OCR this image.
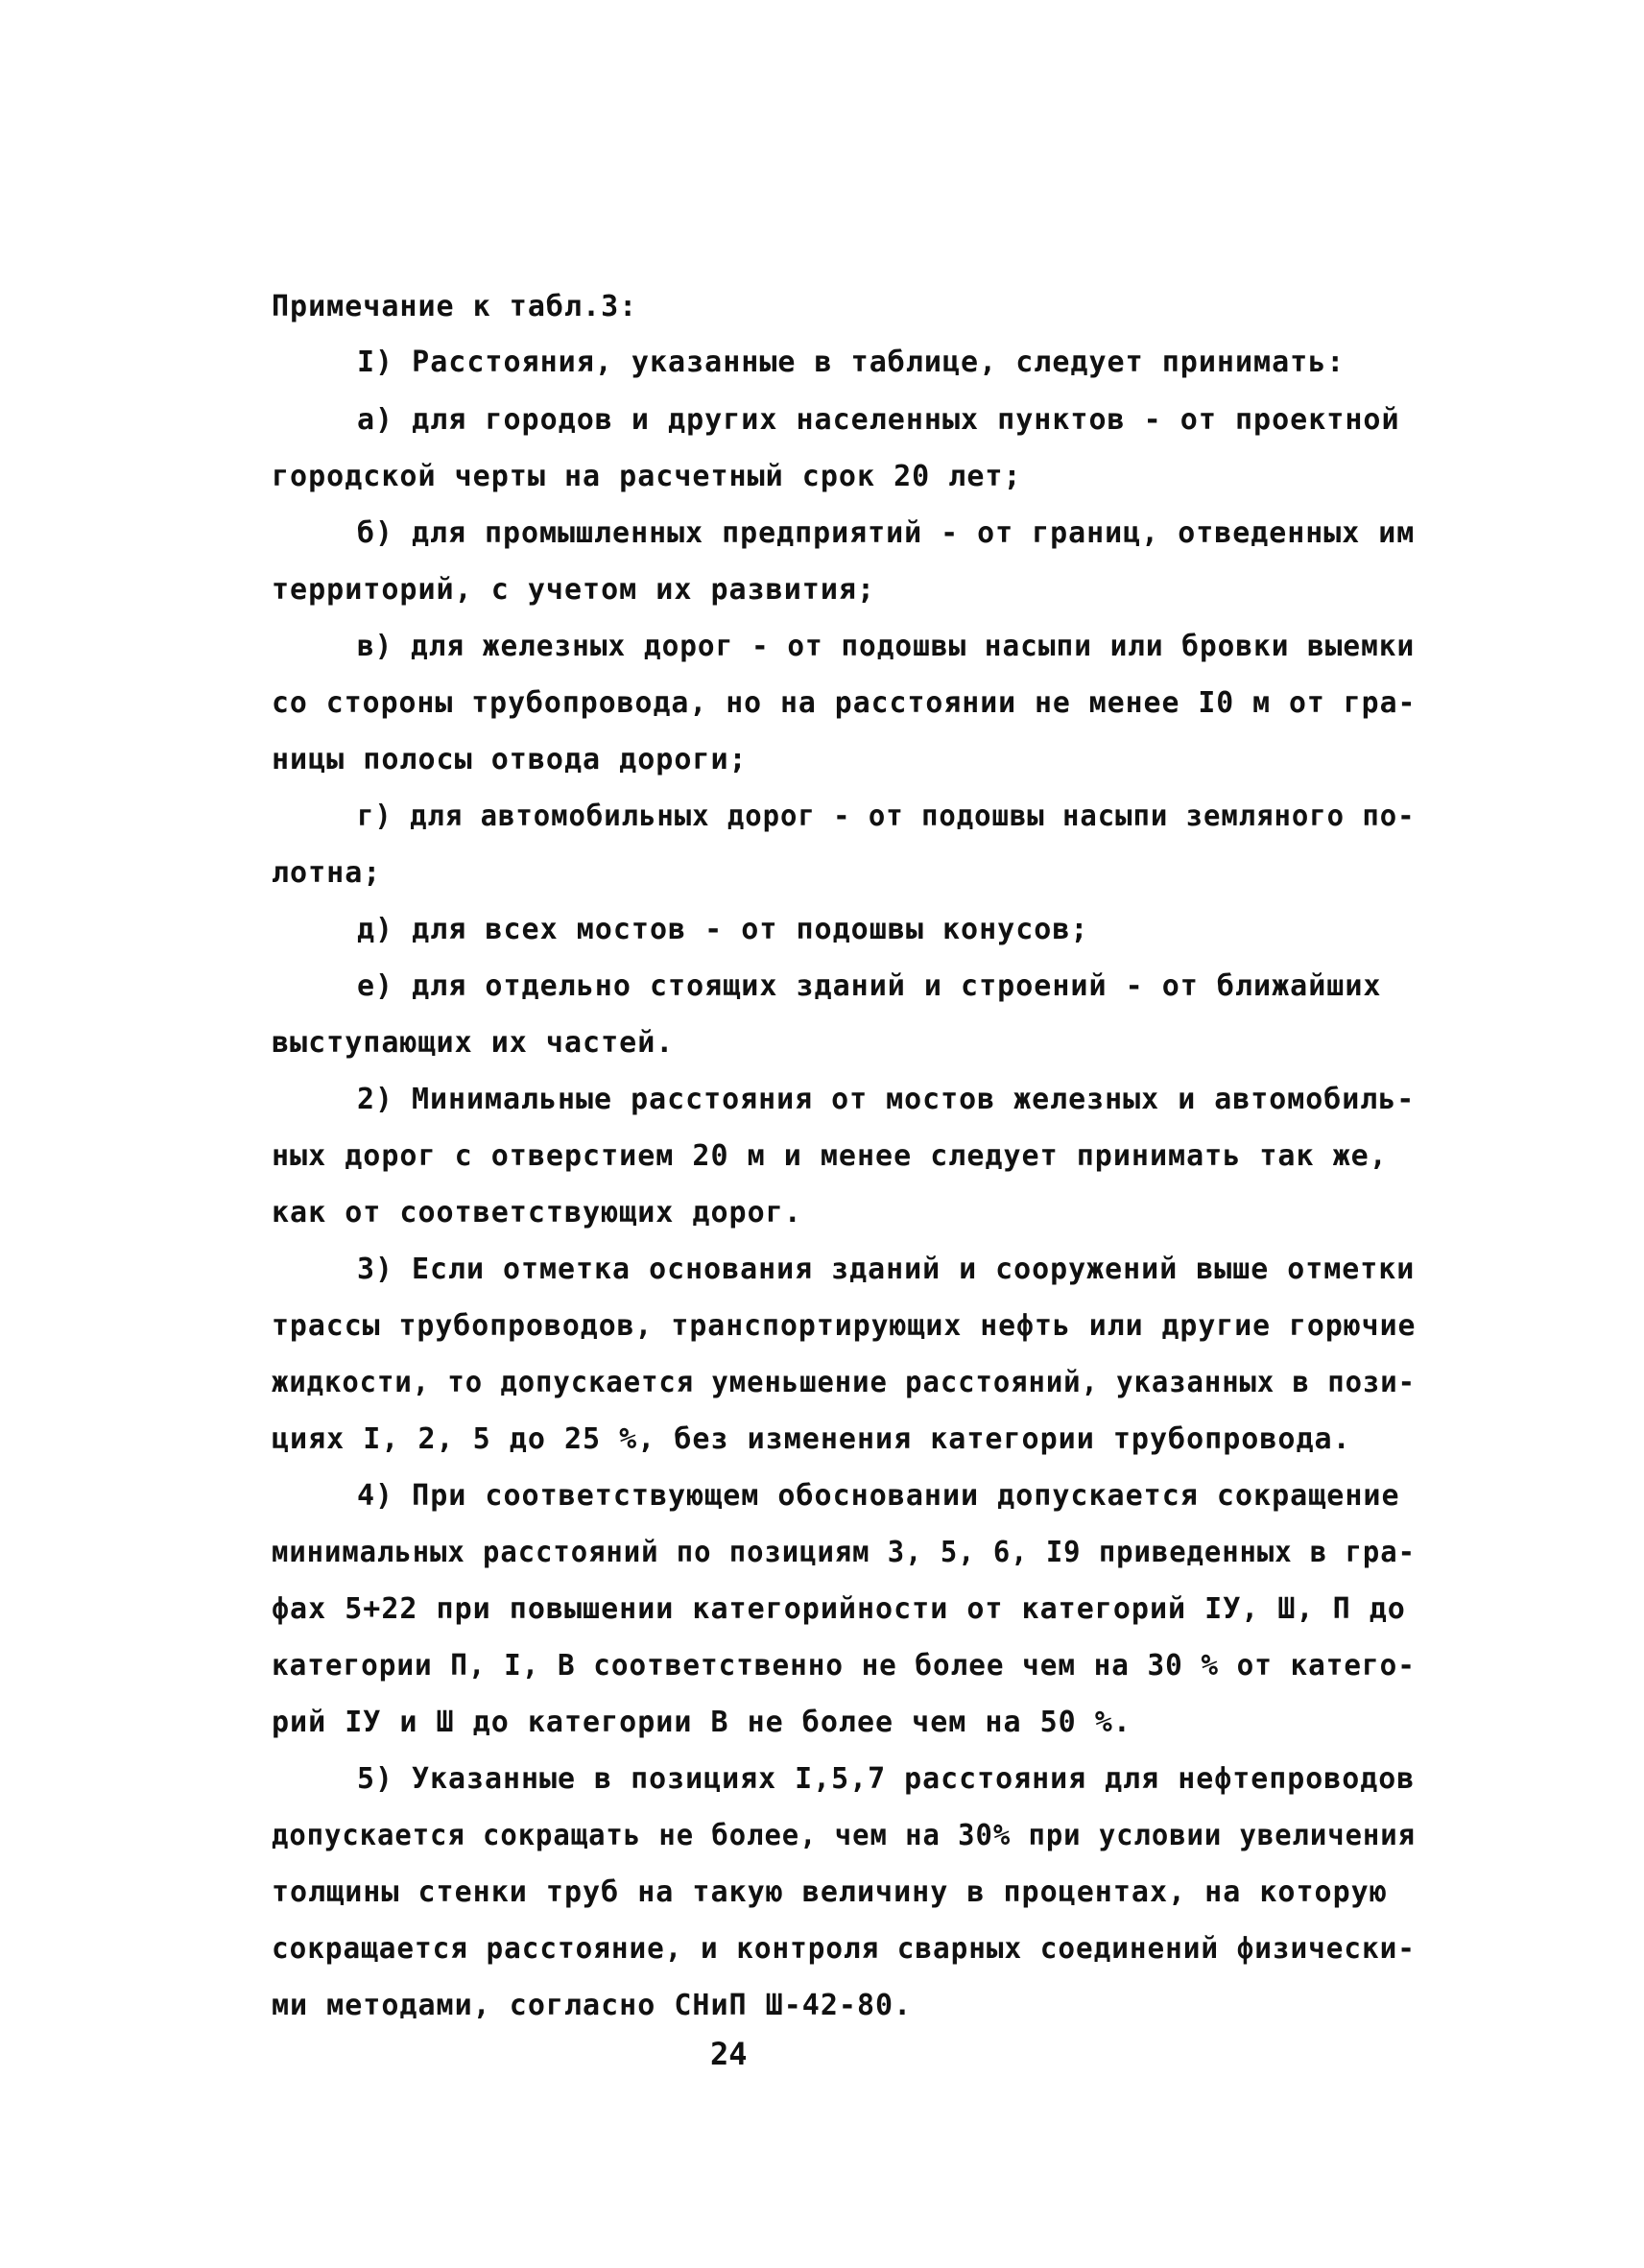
Примечание к табл.3:
I) Расстояния, указанные в таблице, следует принимать:
а) для городов и других населенных пунктов - от проектной
городской черты на расчетный срок 20 лет;
б) для промышленных предприятий - от границ, отведенных им
территорий, с учетом их развития;
в) для железных дорог - от подошвы насыпи или бровки выемки
со стороны трубопровода, но на расстоянии не менее I0 м от гра-
ницы полосы отвода дороги;
г) для автомобильных дорог - от подошвы насыпи земляного по-
лотна;
д) для всех мостов - от подошвы конусов;
е) для отдельно стоящих зданий и строений - от ближайших
выступающих их частей.
2) Минимальные расстояния от мостов железных и автомобиль-
ных дорог с отверстием 20 м и менее следует принимать так же,
как от соответствующих дорог.
3) Если отметка основания зданий и сооружений выше отметки
трассы трубопроводов, транспортирующих нефть или другие горючие
жидкости, то допускается уменьшение расстояний, указанных в пози-
циях I, 2, 5 до 25 %, без изменения категории трубопровода.
4) При соответствующем обосновании допускается сокращение
минимальных расстояний по позициям 3, 5, 6, I9 приведенных в гра-
фах 5+22 при повышении категорийности от категорий IУ, Ш, П до
категории П, I, В соответственно не более чем на 30 % от катего-
рий IУ и Ш до категории В не более чем на 50 %.
5) Указанные в позициях I,5,7 расстояния для нефтепроводов
допускается сокращать не более, чем на 30% при условии увеличения
толщины стенки труб на такую величину в процентах, на которую
сокращается расстояние, и контроля сварных соединений физически-
ми методами, согласно СНиП Ш-42-80.
24
